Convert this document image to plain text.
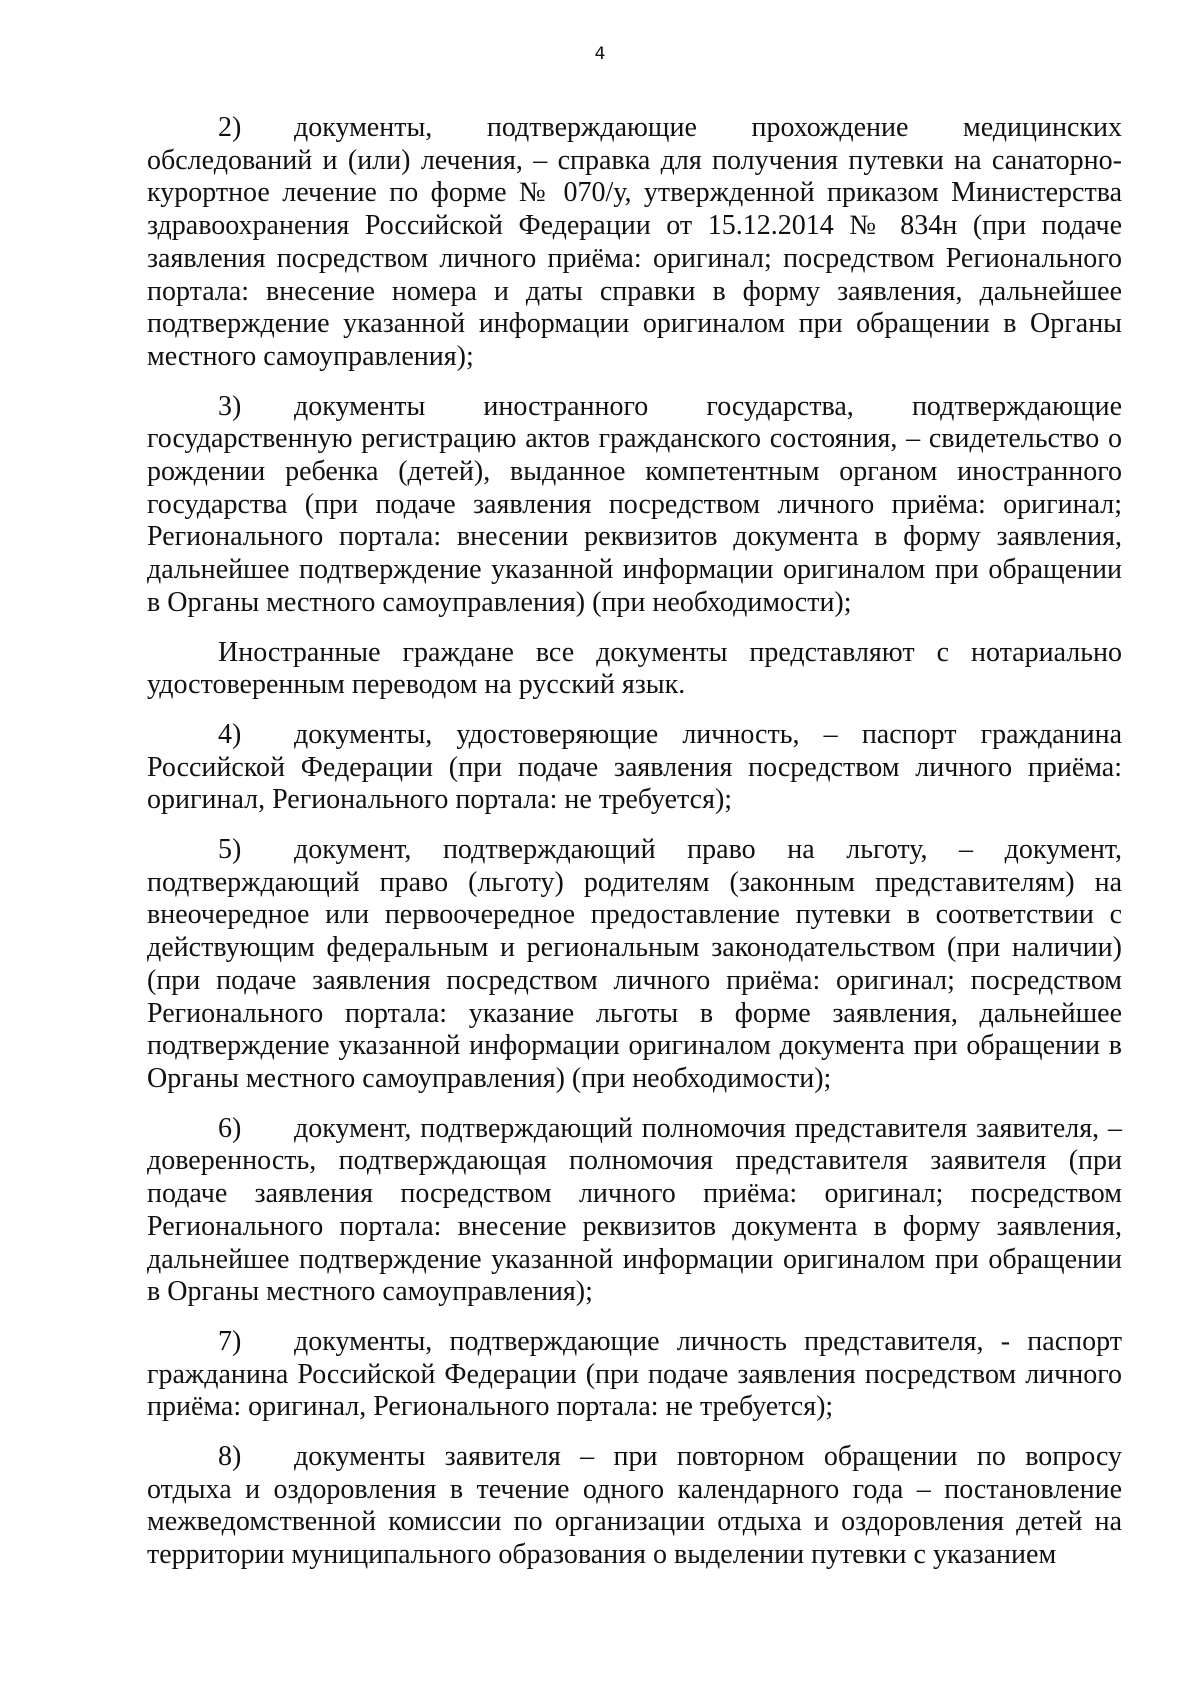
4

2) документы, подтверждающие прохождение медицинских обследований и (или) лечения, – справка для получения путевки на санаторно-курортное лечение по форме № 070/у, утвержденной приказом Министерства здравоохранения Российской Федерации от 15.12.2014 № 834н (при подаче заявления посредством личного приёма: оригинал; посредством Регионального портала: внесение номера и даты справки в форму заявления, дальнейшее подтверждение указанной информации оригиналом при обращении в Органы местного самоуправления);

3) документы иностранного государства, подтверждающие государственную регистрацию актов гражданского состояния, – свидетельство о рождении ребенка (детей), выданное компетентным органом иностранного государства (при подаче заявления посредством личного приёма: оригинал; Регионального портала: внесении реквизитов документа в форму заявления, дальнейшее подтверждение указанной информации оригиналом при обращении в Органы местного самоуправления) (при необходимости);

Иностранные граждане все документы представляют с нотариально удостоверенным переводом на русский язык.

4) документы, удостоверяющие личность, – паспорт гражданина Российской Федерации (при подаче заявления посредством личного приёма: оригинал, Регионального портала: не требуется);

5) документ, подтверждающий право на льготу, – документ, подтверждающий право (льготу) родителям (законным представителям) на внеочередное или первоочередное предоставление путевки в соответствии с действующим федеральным и региональным законодательством (при наличии) (при подаче заявления посредством личного приёма: оригинал; посредством Регионального портала: указание льготы в форме заявления, дальнейшее подтверждение указанной информации оригиналом документа при обращении в Органы местного самоуправления) (при необходимости);

6) документ, подтверждающий полномочия представителя заявителя, – доверенность, подтверждающая полномочия представителя заявителя (при подаче заявления посредством личного приёма: оригинал; посредством Регионального портала: внесение реквизитов документа в форму заявления, дальнейшее подтверждение указанной информации оригиналом при обращении в Органы местного самоуправления);

7) документы, подтверждающие личность представителя, - паспорт гражданина Российской Федерации (при подаче заявления посредством личного приёма: оригинал, Регионального портала: не требуется);

8) документы заявителя – при повторном обращении по вопросу отдыха и оздоровления в течение одного календарного года – постановление межведомственной комиссии по организации отдыха и оздоровления детей на территории муниципального образования о выделении путевки с указанием
